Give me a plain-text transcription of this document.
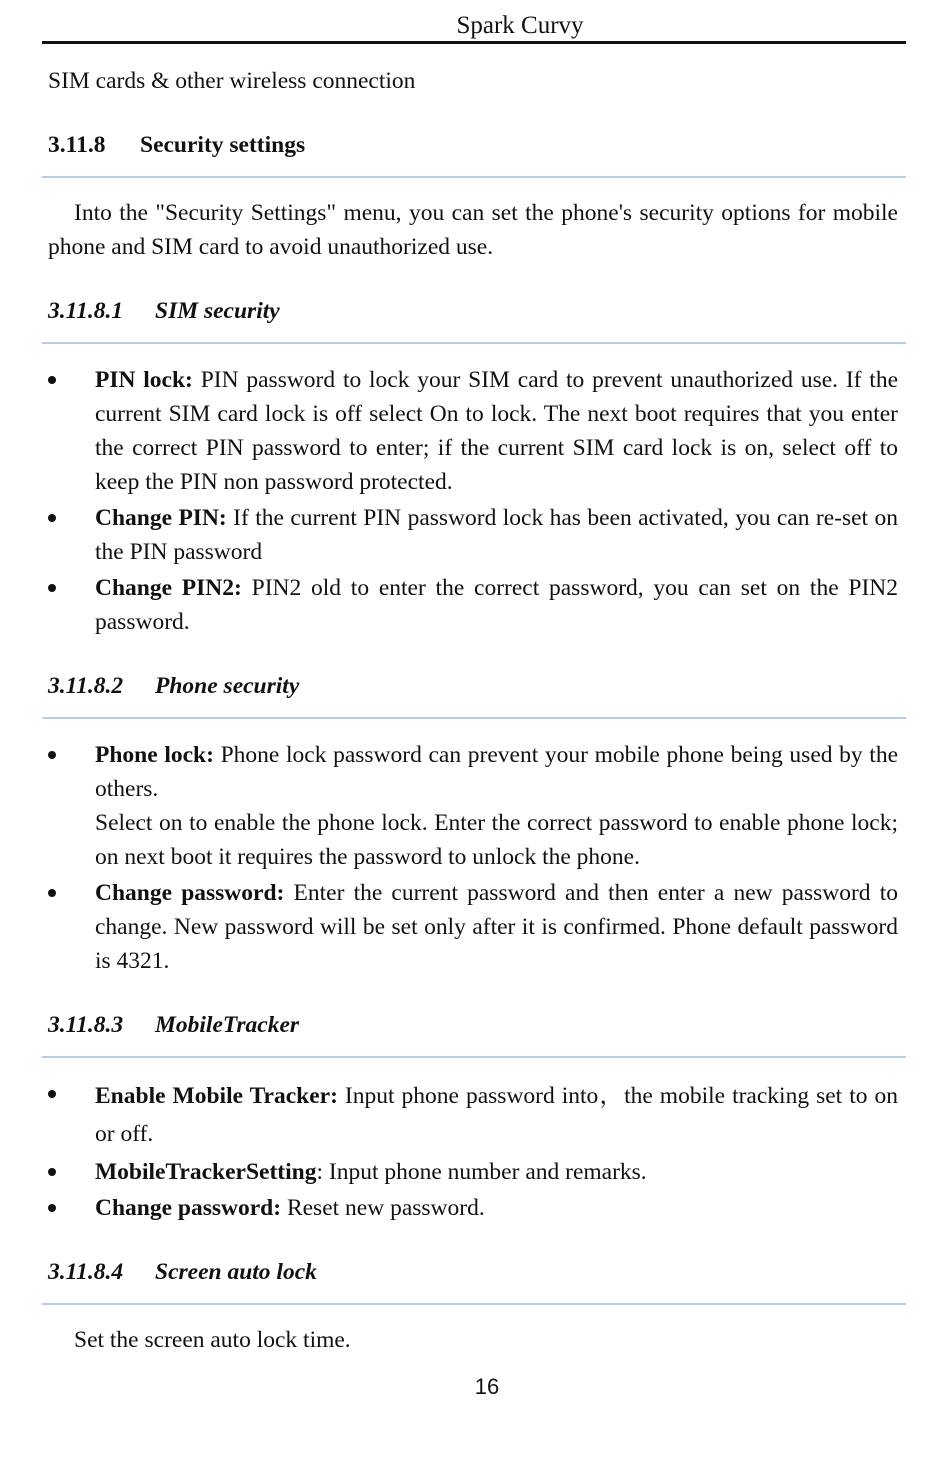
Spark Curvy

SIM cards & other wireless connection

3.11.8 Security settings

Into the "Security Settings" menu, you can set the phone's security options for mobile phone and SIM card to avoid unauthorized use.

3.11.8.1 SIM security
PIN lock: PIN password to lock your SIM card to prevent unauthorized use. If the current SIM card lock is off select On to lock. The next boot requires that you enter the correct PIN password to enter; if the current SIM card lock is on, select off to keep the PIN non password protected.
Change PIN: If the current PIN password lock has been activated, you can re-set on the PIN password
Change PIN2: PIN2 old to enter the correct password, you can set on the PIN2 password.
3.11.8.2 Phone security
Phone lock: Phone lock password can prevent your mobile phone being used by the others.
Select on to enable the phone lock. Enter the correct password to enable phone lock; on next boot it requires the password to unlock the phone.
Change password: Enter the current password and then enter a new password to change. New password will be set only after it is confirmed. Phone default password is 4321.
3.11.8.3 MobileTracker
Enable Mobile Tracker: Input phone password into，the mobile tracking set to on or off.
MobileTrackerSetting: Input phone number and remarks.
Change password: Reset new password.
3.11.8.4 Screen auto lock

Set the screen auto lock time.

16
